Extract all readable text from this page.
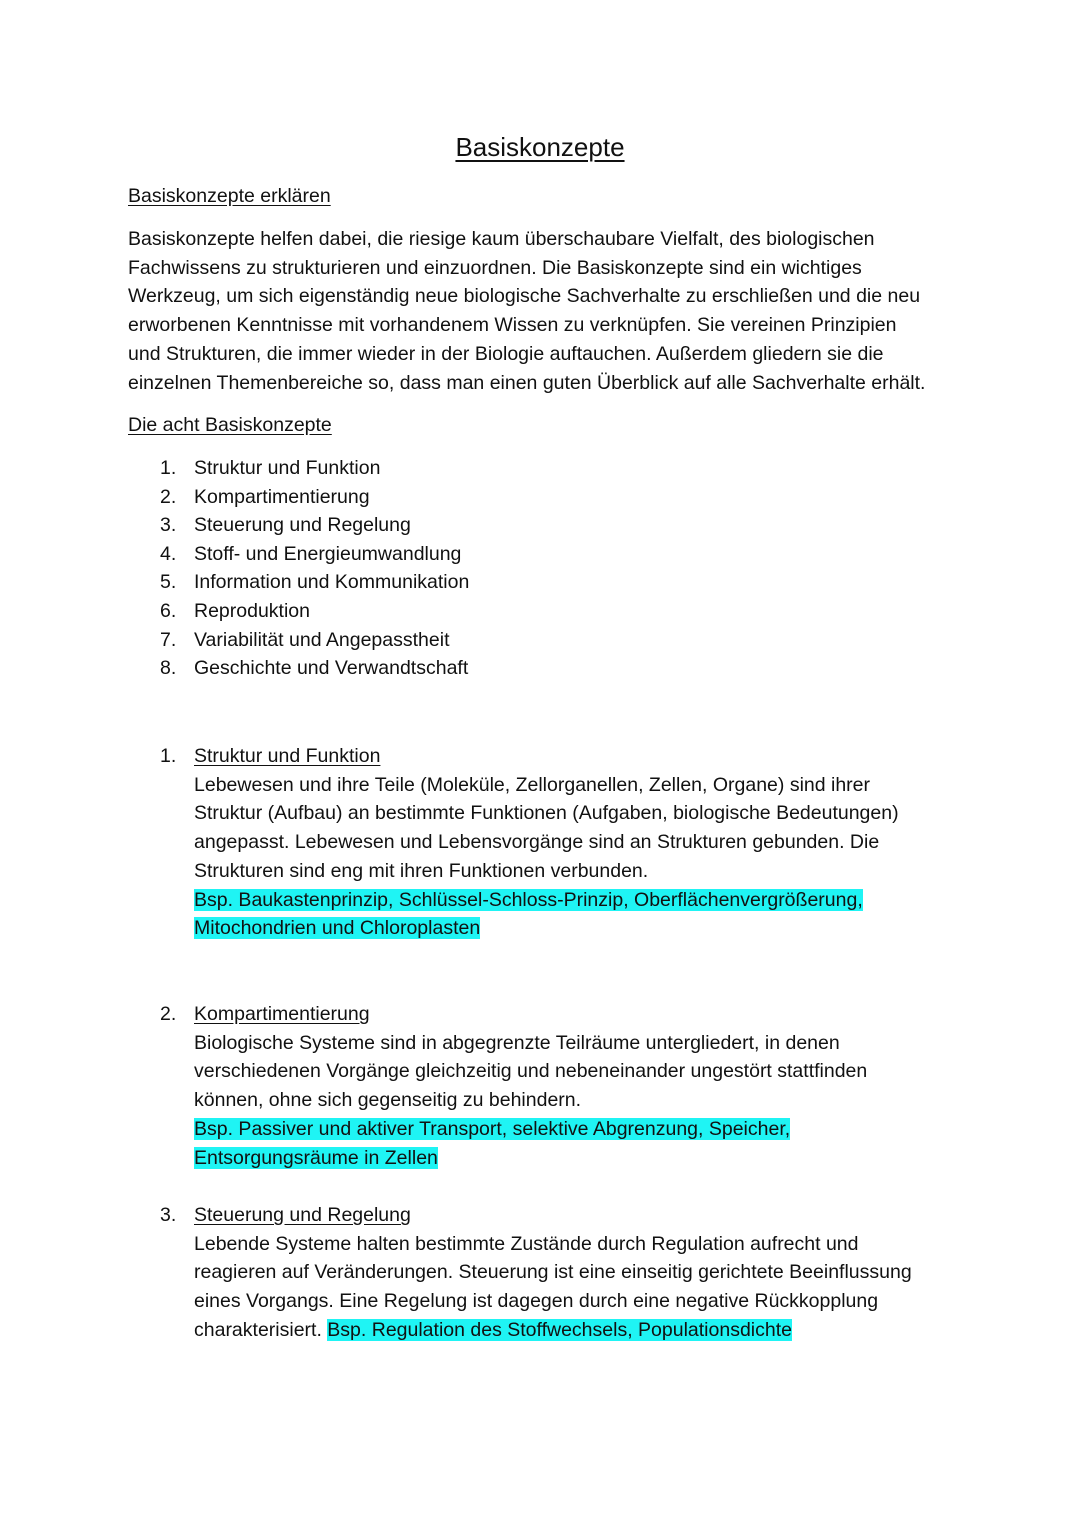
Basiskonzepte
Basiskonzepte erklären

Basiskonzepte helfen dabei, die riesige kaum überschaubare Vielfalt, des biologischen
Fachwissens zu strukturieren und einzuordnen. Die Basiskonzepte sind ein wichtiges
Werkzeug, um sich eigenständig neue biologische Sachverhalte zu erschließen und die neu
erworbenen Kenntnisse mit vorhandenem Wissen zu verknüpfen. Sie vereinen Prinzipien
und Strukturen, die immer wieder in der Biologie auftauchen. Außerdem gliedern sie die
einzelnen Themenbereiche so, dass man einen guten Überblick auf alle Sachverhalte erhält.

Die acht Basiskonzepte
1. Struktur und Funktion
2. Kompartimentierung
3. Steuerung und Regelung
4. Stoff- und Energieumwandlung
5. Information und Kommunikation
6. Reproduktion
7. Variabilität und Angepasstheit
8. Geschichte und Verwandtschaft
1. Struktur und Funktion
Lebewesen und ihre Teile (Moleküle, Zellorganellen, Zellen, Organe) sind ihrer
Struktur (Aufbau) an bestimmte Funktionen (Aufgaben, biologische Bedeutungen)
angepasst. Lebewesen und Lebensvorgänge sind an Strukturen gebunden. Die
Strukturen sind eng mit ihren Funktionen verbunden.
Bsp. Baukastenprinzip, Schlüssel-Schloss-Prinzip, Oberflächenvergrößerung,
Mitochondrien und Chloroplasten
2. Kompartimentierung
Biologische Systeme sind in abgegrenzte Teilräume untergliedert, in denen
verschiedenen Vorgänge gleichzeitig und nebeneinander ungestört stattfinden
können, ohne sich gegenseitig zu behindern.
Bsp. Passiver und aktiver Transport, selektive Abgrenzung, Speicher,
Entsorgungsräume in Zellen
3. Steuerung und Regelung
Lebende Systeme halten bestimmte Zustände durch Regulation aufrecht und
reagieren auf Veränderungen. Steuerung ist eine einseitig gerichtete Beeinflussung
eines Vorgangs. Eine Regelung ist dagegen durch eine negative Rückkopplung
charakterisiert. Bsp. Regulation des Stoffwechsels, Populationsdichte
